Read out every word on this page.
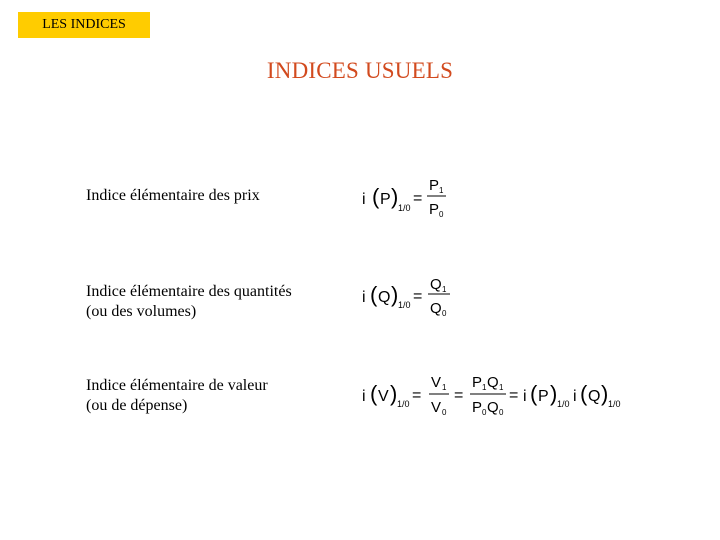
LES INDICES
INDICES USUELS
Indice élémentaire des prix	i ( P ) 1/0
=
P 1
P 0
Indice élémentaire des quantités
(ou des volumes)
i ( Q ) 1/0 =
Q 1
Q 0
Indice élémentaire de valeur
(ou de dépense)
i ( V ) 1/0 =
V 1
V 0
=
P 1 Q 1
P 0 Q 0
= i ( P ) 1/0 i ( Q ) 1/0
